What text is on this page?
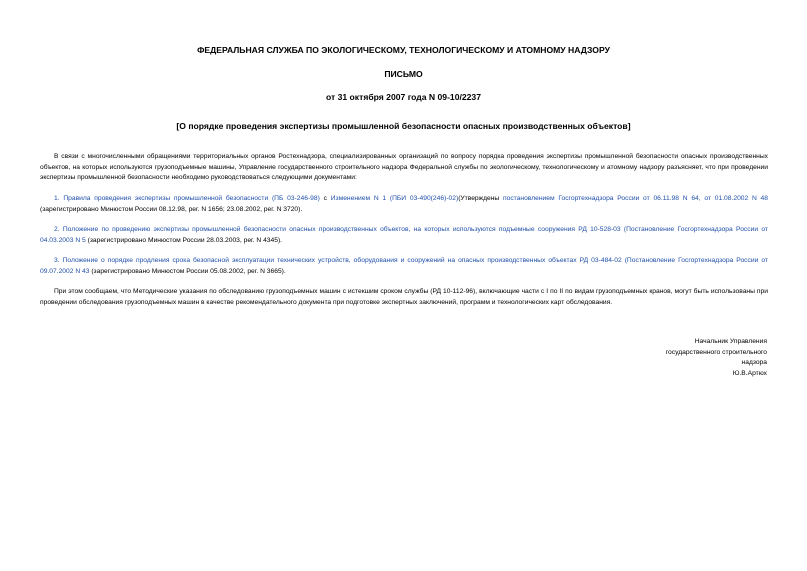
ФЕДЕРАЛЬНАЯ СЛУЖБА ПО ЭКОЛОГИЧЕСКОМУ, ТЕХНОЛОГИЧЕСКОМУ И АТОМНОМУ НАДЗОРУ
ПИСЬМО
от 31 октября 2007 года N 09-10/2237
[О порядке проведения экспертизы промышленной безопасности опасных производственных объектов]

В связи с многочисленными обращениями территориальных органов Ростехнадзора, специализированных организаций по вопросу порядка проведения экспертизы промышленной безопасности опасных производственных объектов, на которых используются грузоподъемные машины, Управление государственного строительного надзора Федеральной службы по экологическому, технологическому и атомному надзору разъясняет, что при проведении экспертизы промышленной безопасности необходимо руководствоваться следующими документами:

1. Правила проведения экспертизы промышленной безопасности (ПБ 03-246-98) с Изменением N 1 (ПБИ 03-490(246)-02)(Утверждены постановлением Госгортехнадзора России от 06.11.98 N 64, от 01.08.2002 N 48 (зарегистрировано Минюстом России 08.12.98, рег. N 1656; 23.08.2002, рег. N 3720).

2. Положение по проведению экспертизы промышленной безопасности опасных производственных объектов, на которых используются подъемные сооружения РД 10-528-03 (Постановление Госгортехнадзора России от 04.03.2003 N 5 (зарегистрировано Минюстом России 28.03.2003, рег. N 4345).

3. Положение о порядке продления срока безопасной эксплуатации технических устройств, оборудования и сооружений на опасных производственных объектах РД 03-484-02 (Постановление Госгортехнадзора России от 09.07.2002 N 43 (зарегистрировано Минюстом России 05.08.2002, рег. N 3665).

При этом сообщаем, что Методические указания по обследованию грузоподъемных машин с истекшим сроком службы (РД 10-112-96), включающие части с I по II по видам грузоподъемных кранов, могут быть использованы при проведении обследования грузоподъемных машин в качестве рекомендательного документа при подготовке экспертных заключений, программ и технологических карт обследования.

Начальник Управления
государственного строительного
надзора
Ю.В.Артюх
